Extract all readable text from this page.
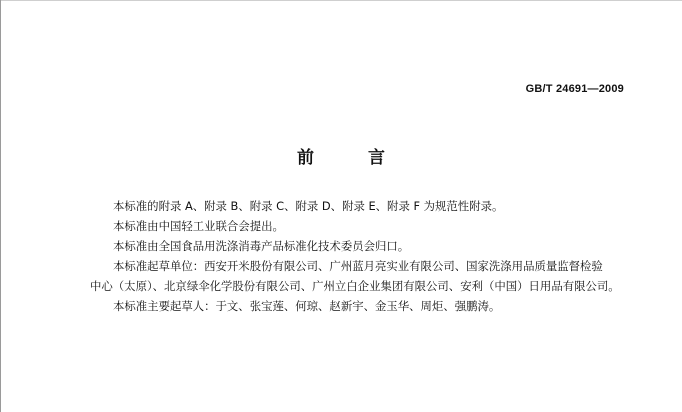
GB/T 24691—2009
前 言

本标准的附录 A、附录 B、附录 C、附录 D、附录 E、附录 F 为规范性附录。

本标准由中国轻工业联合会提出。

本标准由全国食品用洗涤消毒产品标准化技术委员会归口。

本标准起草单位：西安开米股份有限公司、广州蓝月亮实业有限公司、国家洗涤用品质量监督检验
中心（太原）、北京绿伞化学股份有限公司、广州立白企业集团有限公司、安利（中国）日用品有限公司。

本标准主要起草人：于文、张宝莲、何琼、赵新宇、金玉华、周炬、强鹏涛。
